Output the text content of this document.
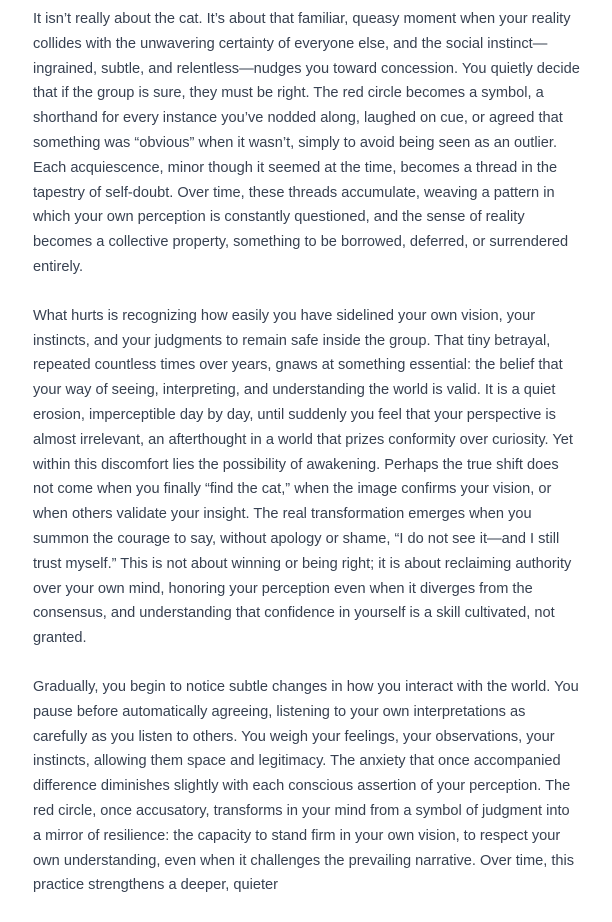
It isn’t really about the cat. It’s about that familiar, queasy moment when your reality collides with the unwavering certainty of everyone else, and the social instinct—ingrained, subtle, and relentless—nudges you toward concession. You quietly decide that if the group is sure, they must be right. The red circle becomes a symbol, a shorthand for every instance you’ve nodded along, laughed on cue, or agreed that something was “obvious” when it wasn’t, simply to avoid being seen as an outlier. Each acquiescence, minor though it seemed at the time, becomes a thread in the tapestry of self-doubt. Over time, these threads accumulate, weaving a pattern in which your own perception is constantly questioned, and the sense of reality becomes a collective property, something to be borrowed, deferred, or surrendered entirely.

What hurts is recognizing how easily you have sidelined your own vision, your instincts, and your judgments to remain safe inside the group. That tiny betrayal, repeated countless times over years, gnaws at something essential: the belief that your way of seeing, interpreting, and understanding the world is valid. It is a quiet erosion, imperceptible day by day, until suddenly you feel that your perspective is almost irrelevant, an afterthought in a world that prizes conformity over curiosity. Yet within this discomfort lies the possibility of awakening. Perhaps the true shift does not come when you finally “find the cat,” when the image confirms your vision, or when others validate your insight. The real transformation emerges when you summon the courage to say, without apology or shame, “I do not see it—and I still trust myself.” This is not about winning or being right; it is about reclaiming authority over your own mind, honoring your perception even when it diverges from the consensus, and understanding that confidence in yourself is a skill cultivated, not granted.

Gradually, you begin to notice subtle changes in how you interact with the world. You pause before automatically agreeing, listening to your own interpretations as carefully as you listen to others. You weigh your feelings, your observations, your instincts, allowing them space and legitimacy. The anxiety that once accompanied difference diminishes slightly with each conscious assertion of your perception. The red circle, once accusatory, transforms in your mind from a symbol of judgment into a mirror of resilience: the capacity to stand firm in your own vision, to respect your own understanding, even when it challenges the prevailing narrative. Over time, this practice strengthens a deeper, quieter
